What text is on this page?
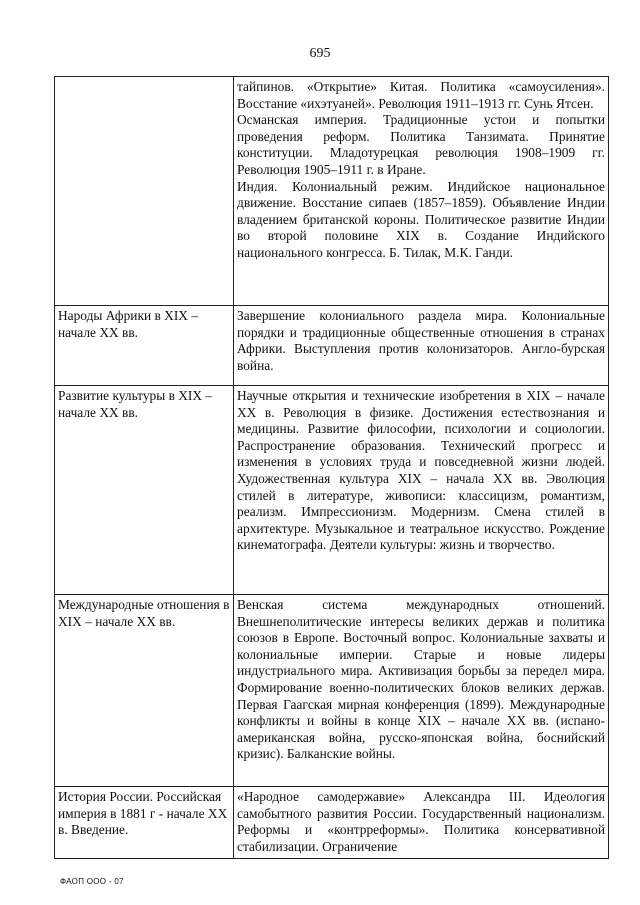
695

	тайпинов. «Открытие» Китая. Политика «самоусиления». Восстание «ихэтуаней». Революция 1911–1913 гг. Сунь Ятсен.
Османская империя. Традиционные устои и попытки проведения реформ. Политика Танзимата. Принятие конституции. Младотурецкая революция 1908–1909 гг. Революция 1905–1911 г. в Иране.
Индия. Колониальный режим. Индийское национальное движение. Восстание сипаев (1857–1859). Объявление Индии владением британской короны. Политическое развитие Индии во второй половине XIX в. Создание Индийского национального конгресса. Б. Тилак, М.К. Ганди.

Народы Африки в XIX – начале XX вв.	Завершение колониального раздела мира. Колониальные порядки и традиционные общественные отношения в странах Африки. Выступления против колонизаторов. Англо-бурская война.

Развитие культуры в XIX – начале XX вв.	Научные открытия и технические изобретения в XIX – начале XX в. Революция в физике. Достижения естествознания и медицины. Развитие философии, психологии и социологии. Распространение образования. Технический прогресс и изменения в условиях труда и повседневной жизни людей. Художественная культура XIX – начала XX вв. Эволюция стилей в литературе, живописи: классицизм, романтизм, реализм. Импрессионизм. Модернизм. Смена стилей в архитектуре. Музыкальное и театральное искусство. Рождение кинематографа. Деятели культуры: жизнь и творчество.

Международные отношения в XIX – начале XX вв.	Венская система международных отношений. Внешнеполитические интересы великих держав и политика союзов в Европе. Восточный вопрос. Колониальные захваты и колониальные империи. Старые и новые лидеры индустриального мира. Активизация борьбы за передел мира. Формирование военно-политических блоков великих держав. Первая Гаагская мирная конференция (1899). Международные конфликты и войны в конце XIX – начале XX вв. (испано-американская война, русско-японская война, боснийский кризис). Балканские войны.

История России. Российская империя в 1881 г - начале XX в. Введение.	«Народное самодержавие» Александра III. Идеология самобытного развития России. Государственный национализм. Реформы и «контрреформы». Политика консервативной стабилизации. Ограничение
ФАОП ООО - 07
